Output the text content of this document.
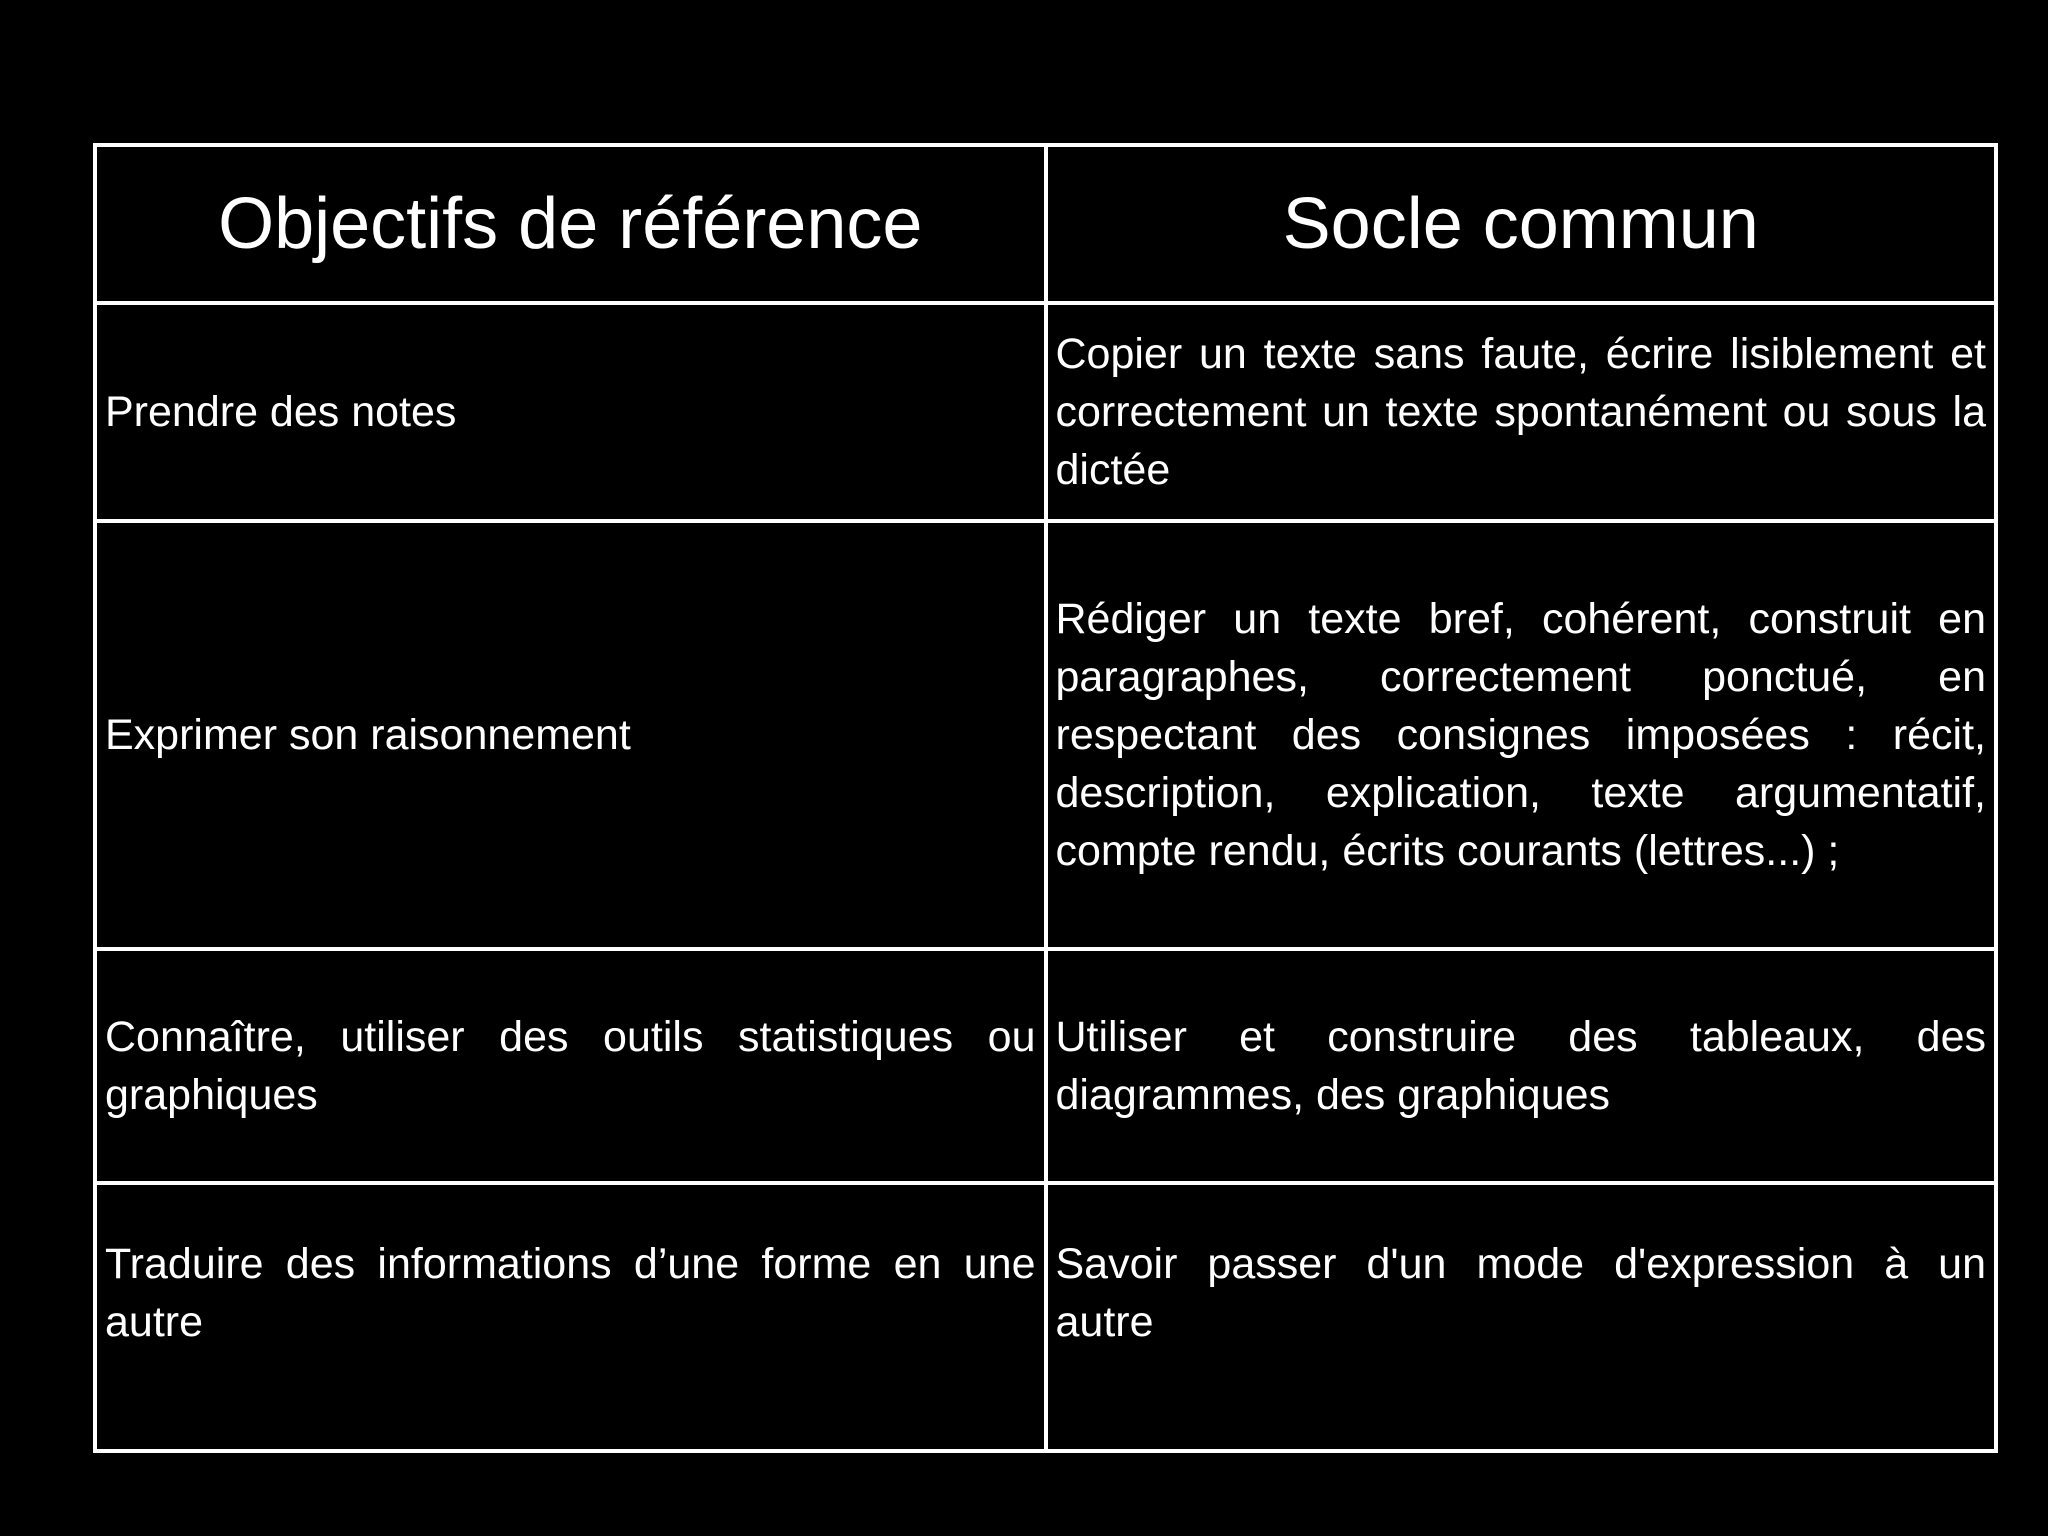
Objectifs de référence	Socle commun
Prendre des notes	Copier un texte sans faute, écrire lisiblement et correctement un texte spontanément ou sous la dictée
Exprimer son raisonnement	Rédiger un texte bref, cohérent, construit en paragraphes, correctement ponctué, en respectant des consignes imposées : récit, description, explication, texte argumentatif, compte rendu, écrits courants (lettres...) ;
Connaître, utiliser des outils statistiques ou graphiques	Utiliser et construire des tableaux, des diagrammes, des graphiques
Traduire des informations d’une forme en une autre	Savoir passer d'un mode d'expression à un autre
